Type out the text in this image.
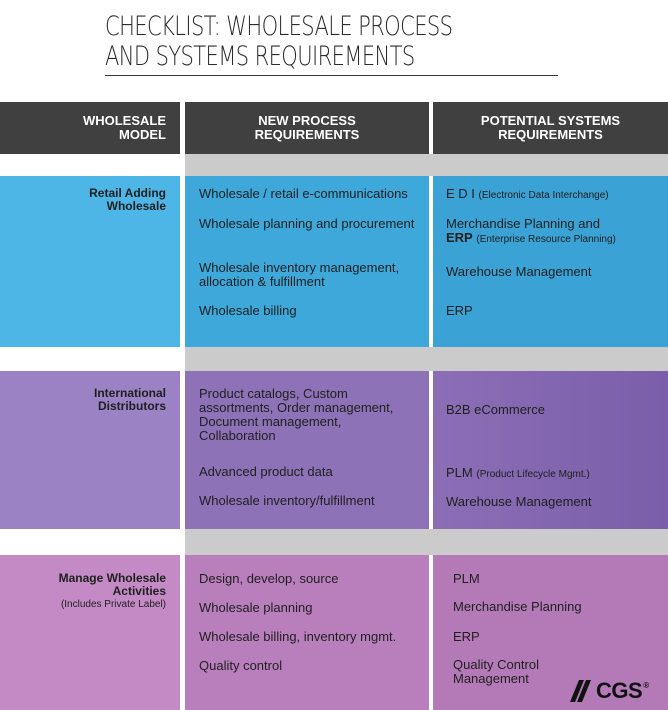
CHECKLIST: WHOLESALE PROCESS
AND SYSTEMS REQUIREMENTS
WHOLESALE
MODEL
NEW PROCESS
REQUIREMENTS
POTENTIAL SYSTEMS
REQUIREMENTS
Retail Adding
Wholesale
Wholesale / retail e-communications
Wholesale planning and procurement
Wholesale inventory management, allocation & fulfillment
Wholesale billing
E D I (Electronic Data Interchange)
Merchandise Planning and
ERP (Enterprise Resource Planning)
Warehouse Management
ERP
International
Distributors
Product catalogs, Custom assortments, Order management, Document management, Collaboration
Advanced product data
Wholesale inventory/fulfillment
B2B eCommerce
PLM (Product Lifecycle Mgmt.)
Warehouse Management
Manage Wholesale
Activities
(Includes Private Label)
Design, develop, source
Wholesale planning
Wholesale billing, inventory mgmt.
Quality control
PLM
Merchandise Planning
ERP
Quality Control Management	CGS ®
